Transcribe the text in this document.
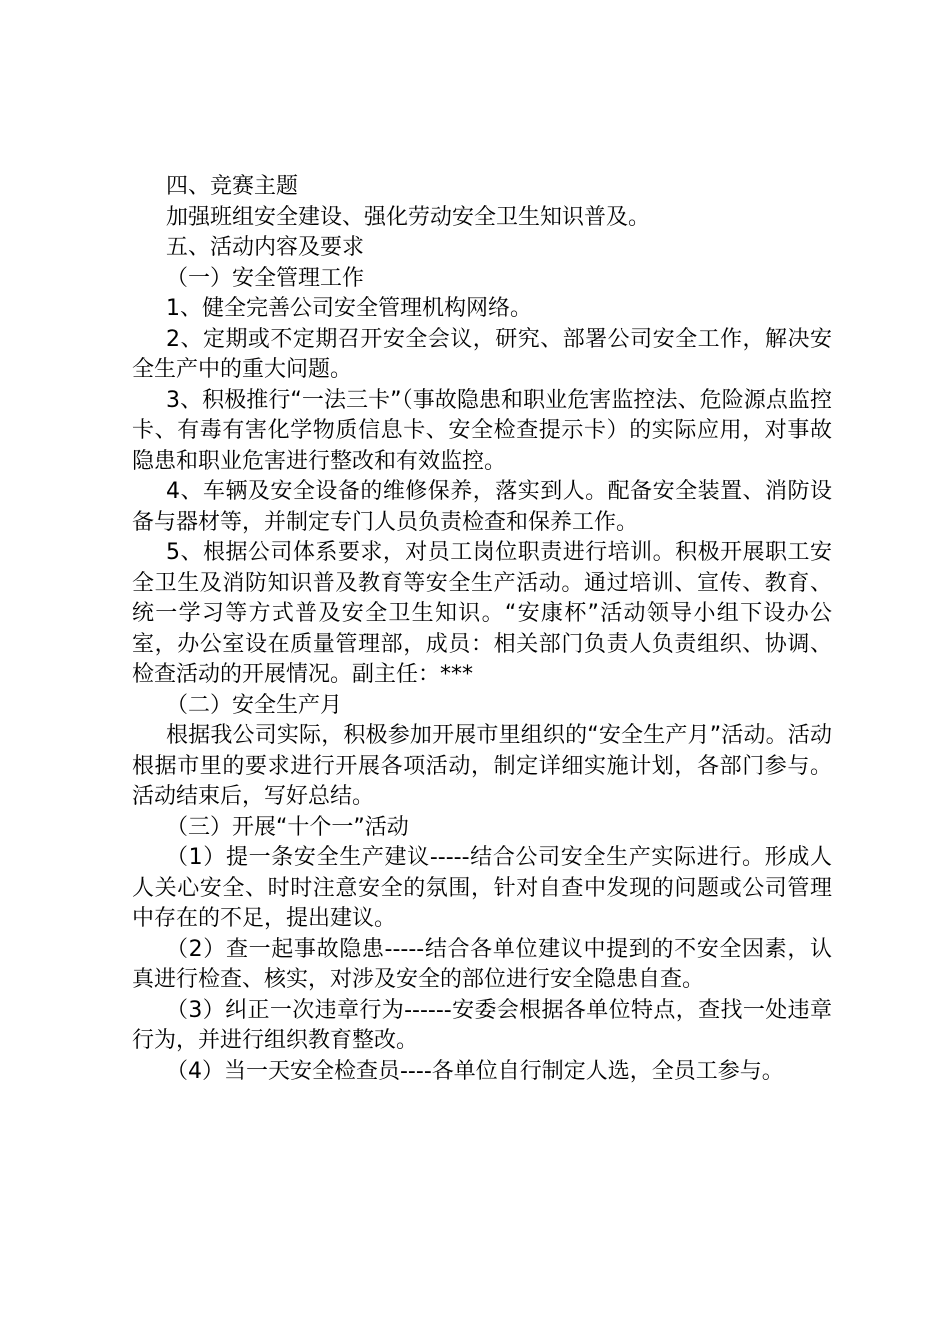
四、竞赛主题

加强班组安全建设、强化劳动安全卫生知识普及。

五、活动内容及要求

（一）安全管理工作

1、健全完善公司安全管理机构网络。

2、定期或不定期召开安全会议，研究、部署公司安全工作，解决安全生产中的重大问题。

3、积极推行“一法三卡”（事故隐患和职业危害监控法、危险源点监控卡、有毒有害化学物质信息卡、安全检查提示卡）的实际应用，对事故隐患和职业危害进行整改和有效监控。

4、车辆及安全设备的维修保养，落实到人。配备安全装置、消防设备与器材等，并制定专门人员负责检查和保养工作。

5、根据公司体系要求，对员工岗位职责进行培训。积极开展职工安全卫生及消防知识普及教育等安全生产活动。通过培训、宣传、教育、统一学习等方式普及安全卫生知识。“安康杯”活动领导小组下设办公室，办公室设在质量管理部，成员：相关部门负责人负责组织、协调、检查活动的开展情况。副主任：***

（二）安全生产月

根据我公司实际，积极参加开展市里组织的“安全生产月”活动。活动根据市里的要求进行开展各项活动，制定详细实施计划，各部门参与。活动结束后，写好总结。

（三）开展“十个一”活动

（1）提一条安全生产建议-----结合公司安全生产实际进行。形成人人关心安全、时时注意安全的氛围，针对自查中发现的问题或公司管理中存在的不足，提出建议。

（2）查一起事故隐患-----结合各单位建议中提到的不安全因素，认真进行检查、核实，对涉及安全的部位进行安全隐患自查。

（3）纠正一次违章行为------安委会根据各单位特点，查找一处违章行为，并进行组织教育整改。

（4）当一天安全检查员----各单位自行制定人选，全员工参与。
